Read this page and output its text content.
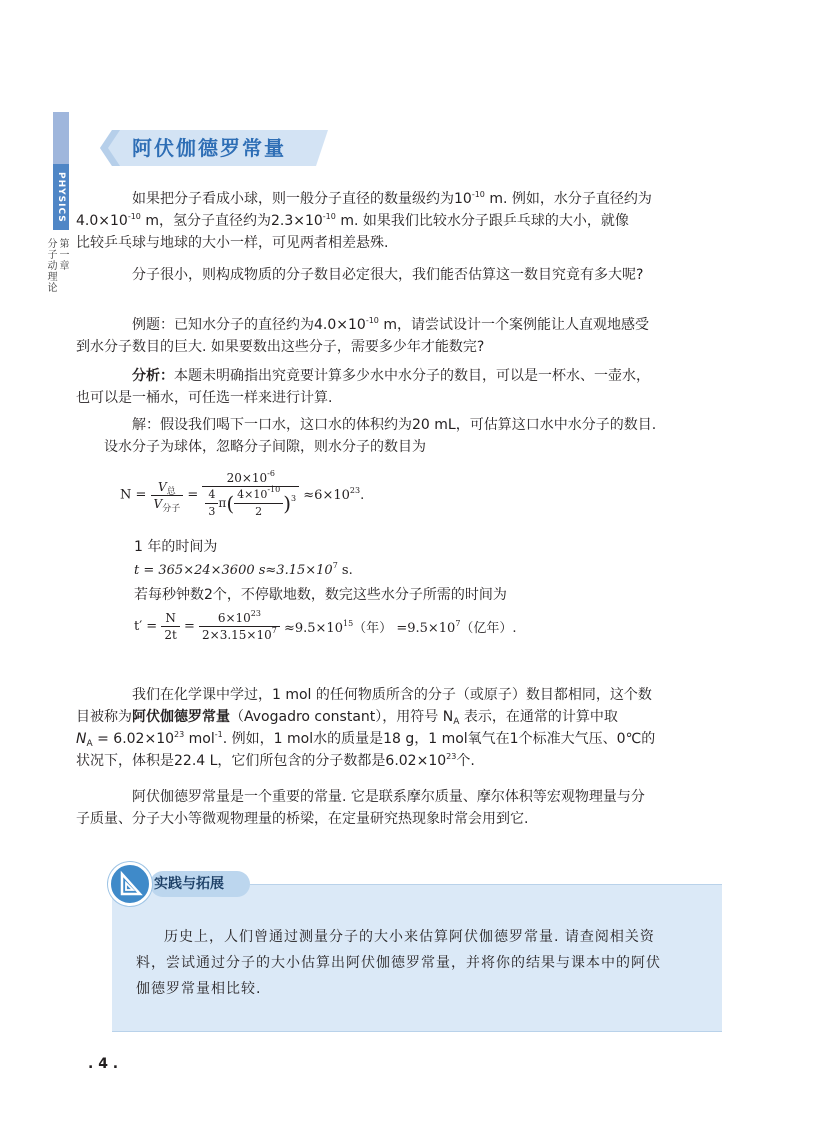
PHYSICS
第一章
分子动理论
阿伏伽德罗常量
如果把分子看成小球，则一般分子直径的数量级约为$10^{-10}$ m. 例如，水分子直径约为
$4.0\times 10^{-10}$ m，氢分子直径约为$2.3\times 10^{-10}$ m. 如果我们比较水分子跟乒乓球的大小，就像
比较乒乓球与地球的大小一样，可见两者相差悬殊.
分子很小，则构成物质的分子数目必定很大，我们能否估算这一数目究竟有多大呢?
例题：已知水分子的直径约为$4.0\times 10^{-10}$ m，请尝试设计一个案例能让人直观地感受
到水分子数目的巨大. 如果要数出这些分子，需要多少年才能数完?
分析：本题未明确指出究竟要计算多少水中水分子的数目，可以是一杯水、一壶水，
也可以是一桶水，可任选一样来进行计算.
解：假设我们喝下一口水，这口水的体积约为20 mL，可估算这口水中水分子的数目.
设水分子为球体，忽略分子间隙，则水分子的数目为
$N = \frac{V_总}{V_{分子}} = \frac{20\times 10^{-6}}{\frac{4}{3} \pi( \frac{4\times 10^{-10}}{2} )^3} \approx 6\times 10^{23}$.
1 年的时间为
t = 365×24×3600 $s\approx 3.15\times 10^7$ s.
若每秒钟数2个，不停歇地数，数完这些水分子所需的时间为
$t' = \frac{N}{2t} = \frac{6\times 10^{23}}{2\times 3.15\times 10^7} \approx 9.5\times 10^{15}$（年） $=9.5\times 10^7$（亿年）.
我们在化学课中学过，1 mol 的任何物质所含的分子（或原子）数目都相同，这个数
目被称为阿伏伽德罗常量（Avogadro constant），用符号 $N_A$ 表示，在通常的计算中取
$N_A = 6.02\times 10^{23}$ mol$^{-1}$. 例如，1 mol水的质量是18 g，1 mol氧气在1个标准大气压、0℃的
状况下，体积是22.4 L，它们所包含的分子数都是$6.02\times 10^{23}$个.
阿伏伽德罗常量是一个重要的常量. 它是联系摩尔质量、摩尔体积等宏观物理量与分
子质量、分子大小等微观物理量的桥梁，在定量研究热现象时常会用到它.
实践与拓展
历史上，人们曾通过测量分子的大小来估算阿伏伽德罗常量. 请查阅相关资
料，尝试通过分子的大小估算出阿伏伽德罗常量，并将你的结果与课本中的阿伏
伽德罗常量相比较.
. 4 .
